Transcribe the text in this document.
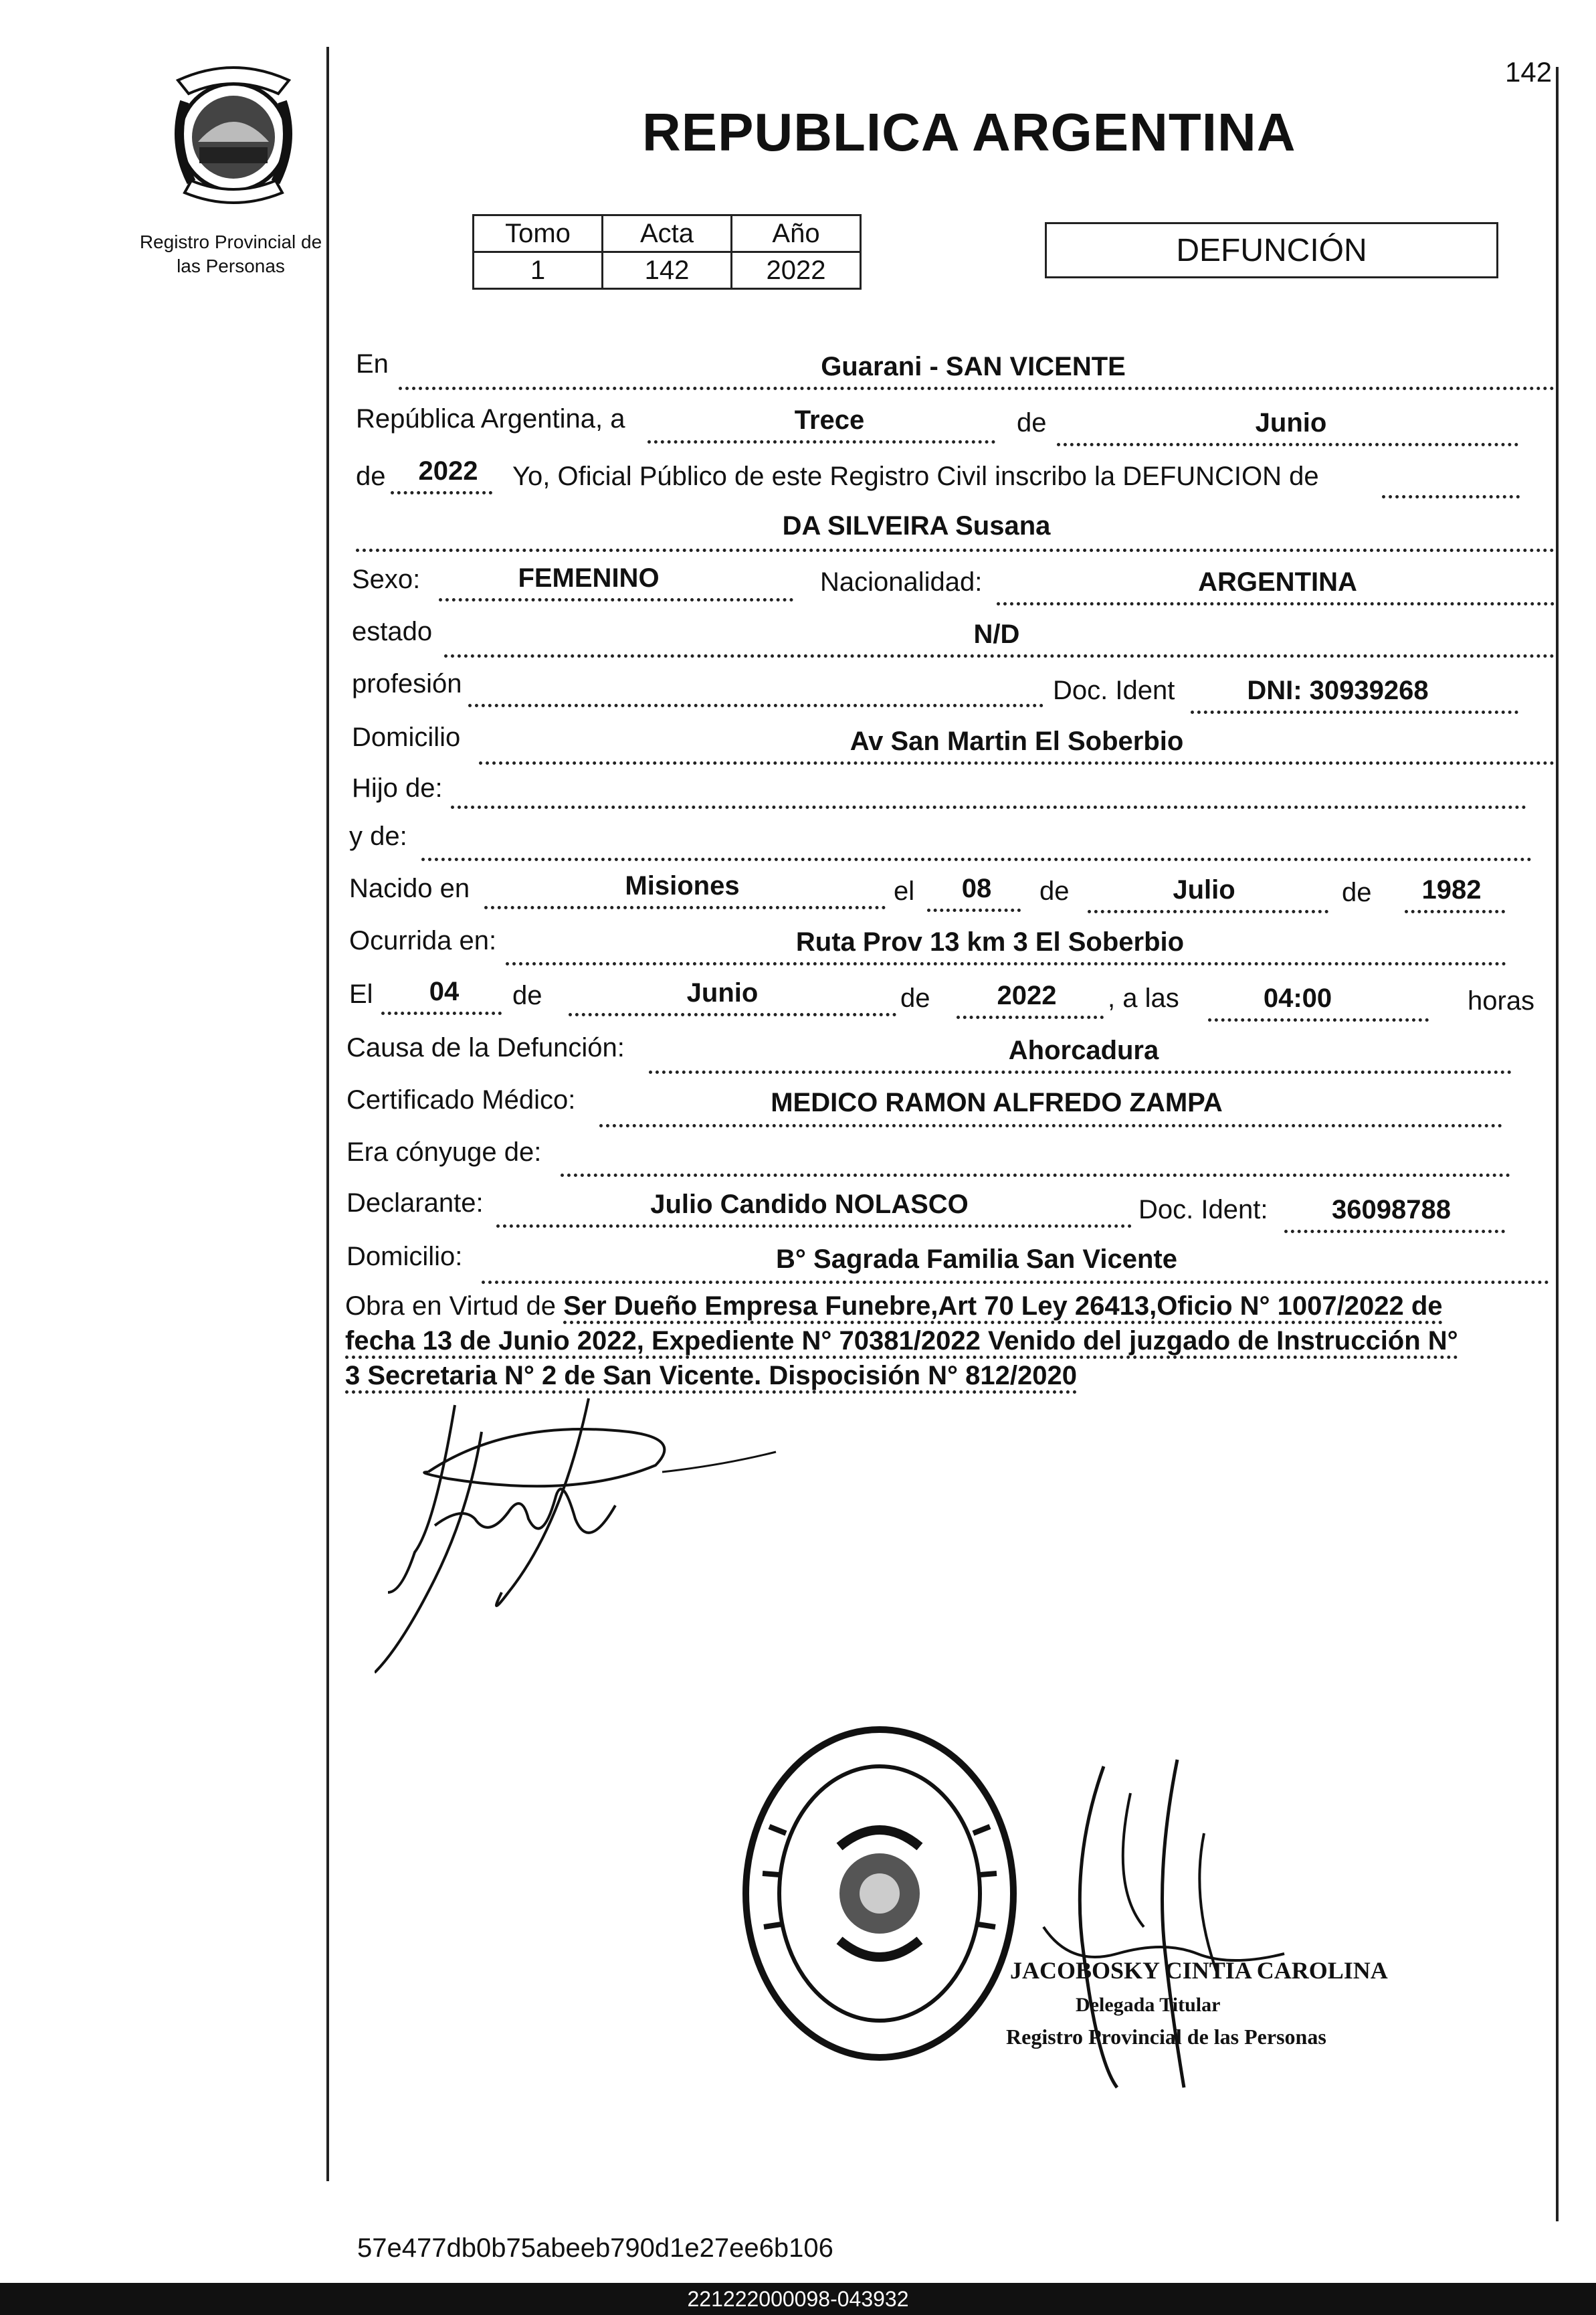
142
Registro Provincial de las Personas
REPUBLICA ARGENTINA
Tomo	Acta	Año
1	142	2022
DEFUNCIÓN
En	Guarani - SAN VICENTE
República Argentina, a	Trece	de	Junio
de	2022	Yo, Oficial Público de este Registro Civil inscribo la DEFUNCION de
DA SILVEIRA Susana
Sexo:	FEMENINO	Nacionalidad:	ARGENTINA
estado	N/D
profesión	Doc. Ident	DNI: 30939268
Domicilio	Av San Martin El Soberbio
Hijo de:
y de:
Nacido en	Misiones	el	08	de	Julio	de	1982
Ocurrida en:	Ruta Prov 13 km 3 El Soberbio
El	04	de	Junio	de	2022	, a las	04:00	horas
Causa de la Defunción:	Ahorcadura
Certificado Médico:	MEDICO RAMON ALFREDO ZAMPA
Era cónyuge de:
Declarante:	Julio Candido NOLASCO	Doc. Ident:	36098788
Domicilio:	B° Sagrada Familia San Vicente
Obra en Virtud de Ser Dueño Empresa Funebre,Art 70 Ley 26413,Oficio N° 1007/2022 de
fecha 13 de Junio 2022, Expediente N° 70381/2022 Venido del juzgado de Instrucción N°
3 Secretaria N° 2 de San Vicente. Dispocisión N° 812/2020
JACOBOSKY CINTIA CAROLINA
Delegada Titular
Registro Provincial de las Personas
57e477db0b75abeeb790d1e27ee6b106
221222000098-043932
